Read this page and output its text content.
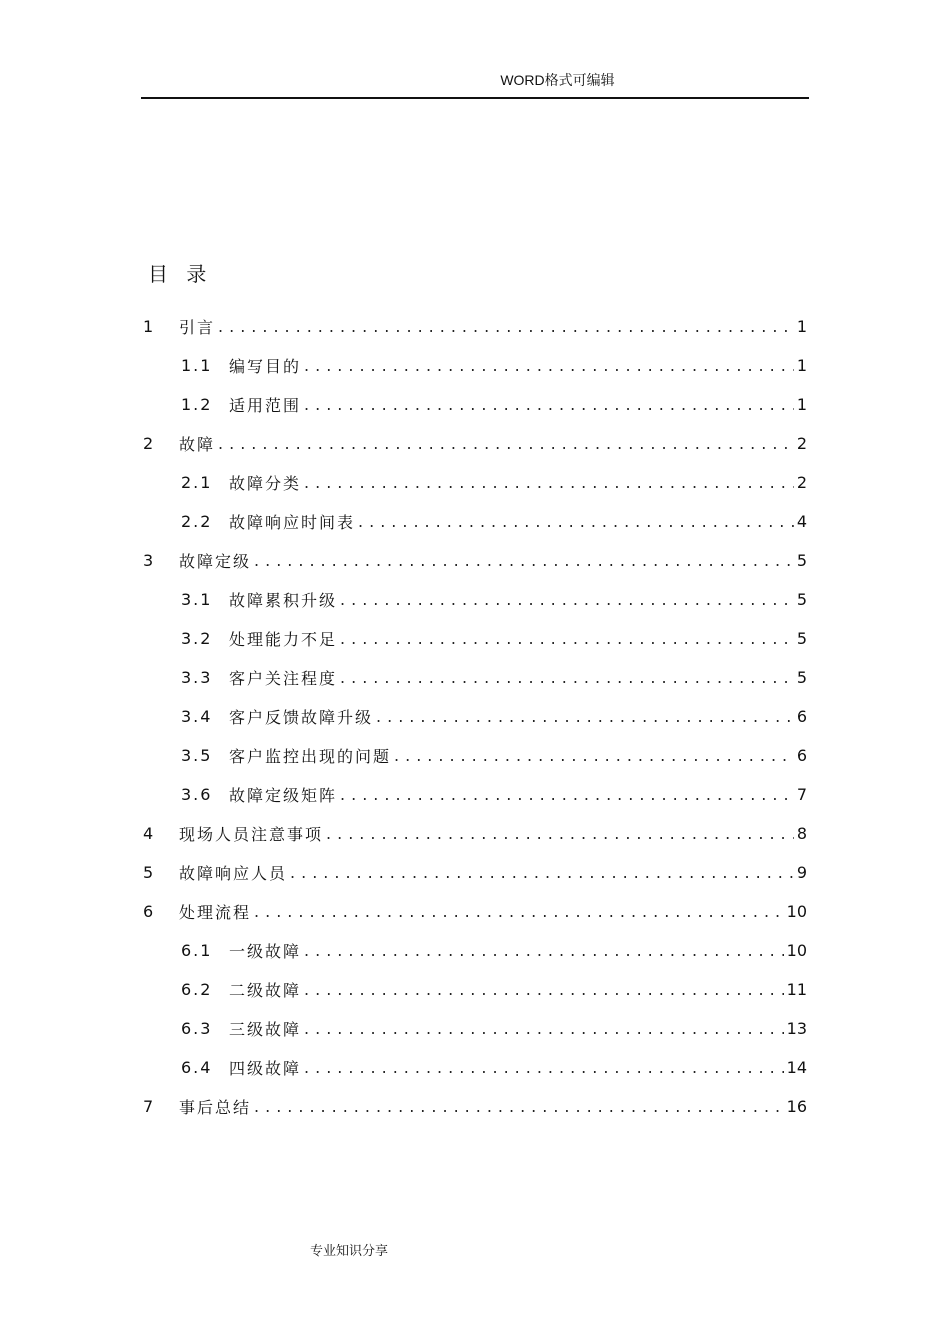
WORD格式可编辑
目 录
1	引言 .....	1
1.1	编写目的 .....	1
1.2	适用范围 .....	1
2	故障 .....	2
2.1	故障分类 .....	2
2.2	故障响应时间表 .....	4
3	故障定级 .....	5
3.1	故障累积升级 .....	5
3.2	处理能力不足 .....	5
3.3	客户关注程度 .....	5
3.4	客户反馈故障升级 .....	6
3.5	客户监控出现的问题 .....	6
3.6	故障定级矩阵 .....	7
4	现场人员注意事项 .....	8
5	故障响应人员 .....	9
6	处理流程 .....	10
6.1	一级故障 .....	10
6.2	二级故障 .....	11
6.3	三级故障 .....	13
6.4	四级故障 .....	14
7	事后总结 .....	16
专业知识分享
